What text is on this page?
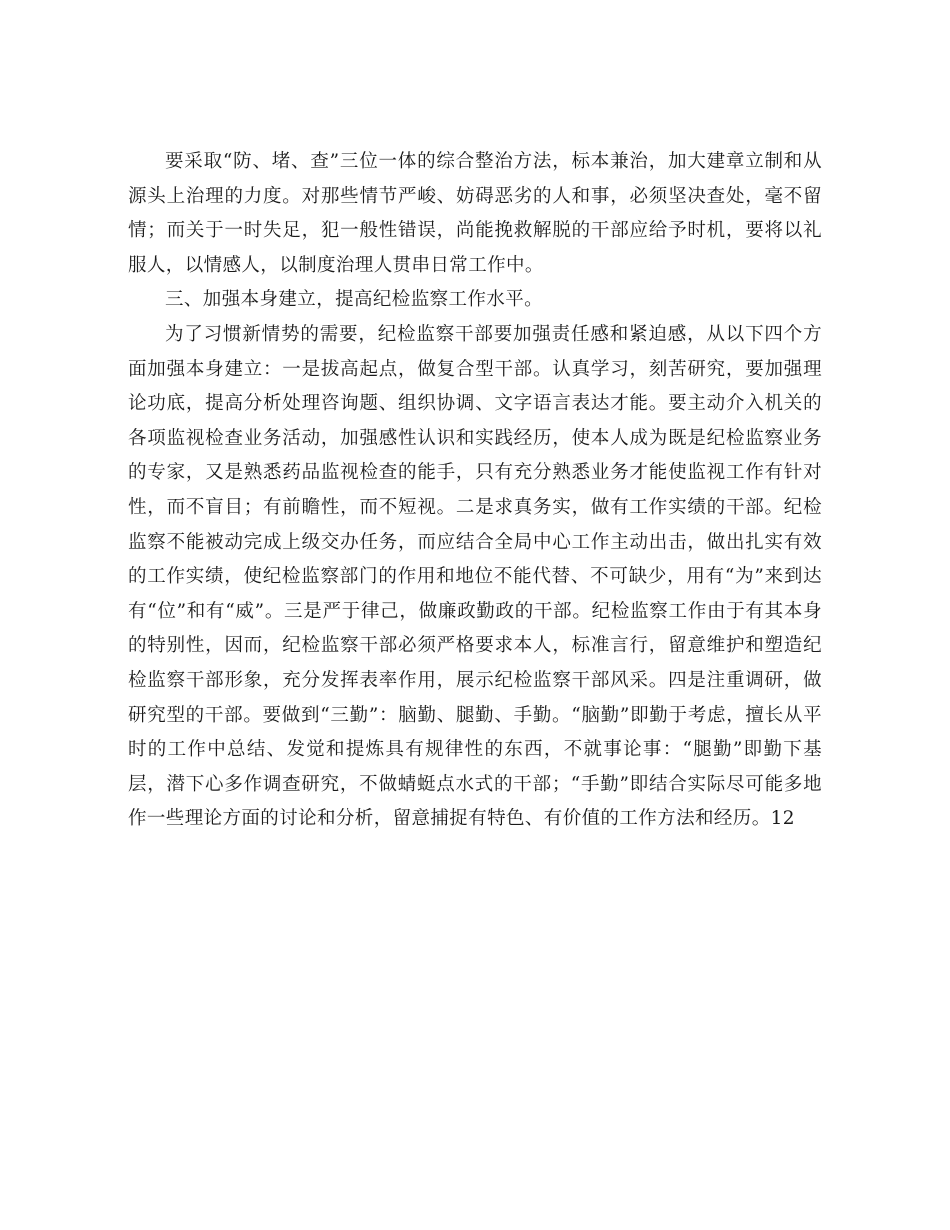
要采取“防、堵、查”三位一体的综合整治方法，标本兼治，加大建章立制和从源头上治理的力度。对那些情节严峻、妨碍恶劣的人和事，必须坚决查处，毫不留情；而关于一时失足，犯一般性错误，尚能挽救解脱的干部应给予时机，要将以礼服人，以情感人，以制度治理人贯串日常工作中。

三、加强本身建立，提高纪检监察工作水平。

为了习惯新情势的需要，纪检监察干部要加强责任感和紧迫感，从以下四个方面加强本身建立：一是拔高起点，做复合型干部。认真学习，刻苦研究，要加强理论功底，提高分析处理咨询题、组织协调、文字语言表达才能。要主动介入机关的各项监视检查业务活动，加强感性认识和实践经历，使本人成为既是纪检监察业务的专家，又是熟悉药品监视检查的能手，只有充分熟悉业务才能使监视工作有针对性，而不盲目；有前瞻性，而不短视。二是求真务实，做有工作实绩的干部。纪检监察不能被动完成上级交办任务，而应结合全局中心工作主动出击，做出扎实有效的工作实绩，使纪检监察部门的作用和地位不能代替、不可缺少，用有“为”来到达有“位”和有“威”。三是严于律己，做廉政勤政的干部。纪检监察工作由于有其本身的特别性，因而，纪检监察干部必须严格要求本人，标准言行，留意维护和塑造纪检监察干部形象，充分发挥表率作用，展示纪检监察干部风采。四是注重调研，做研究型的干部。要做到“三勤”：脑勤、腿勤、手勤。“脑勤”即勤于考虑，擅长从平时的工作中总结、发觉和提炼具有规律性的东西，不就事论事：“腿勤”即勤下基层，潜下心多作调查研究，不做蜻蜓点水式的干部；“手勤”即结合实际尽可能多地作一些理论方面的讨论和分析，留意捕捉有特色、有价值的工作方法和经历。12
